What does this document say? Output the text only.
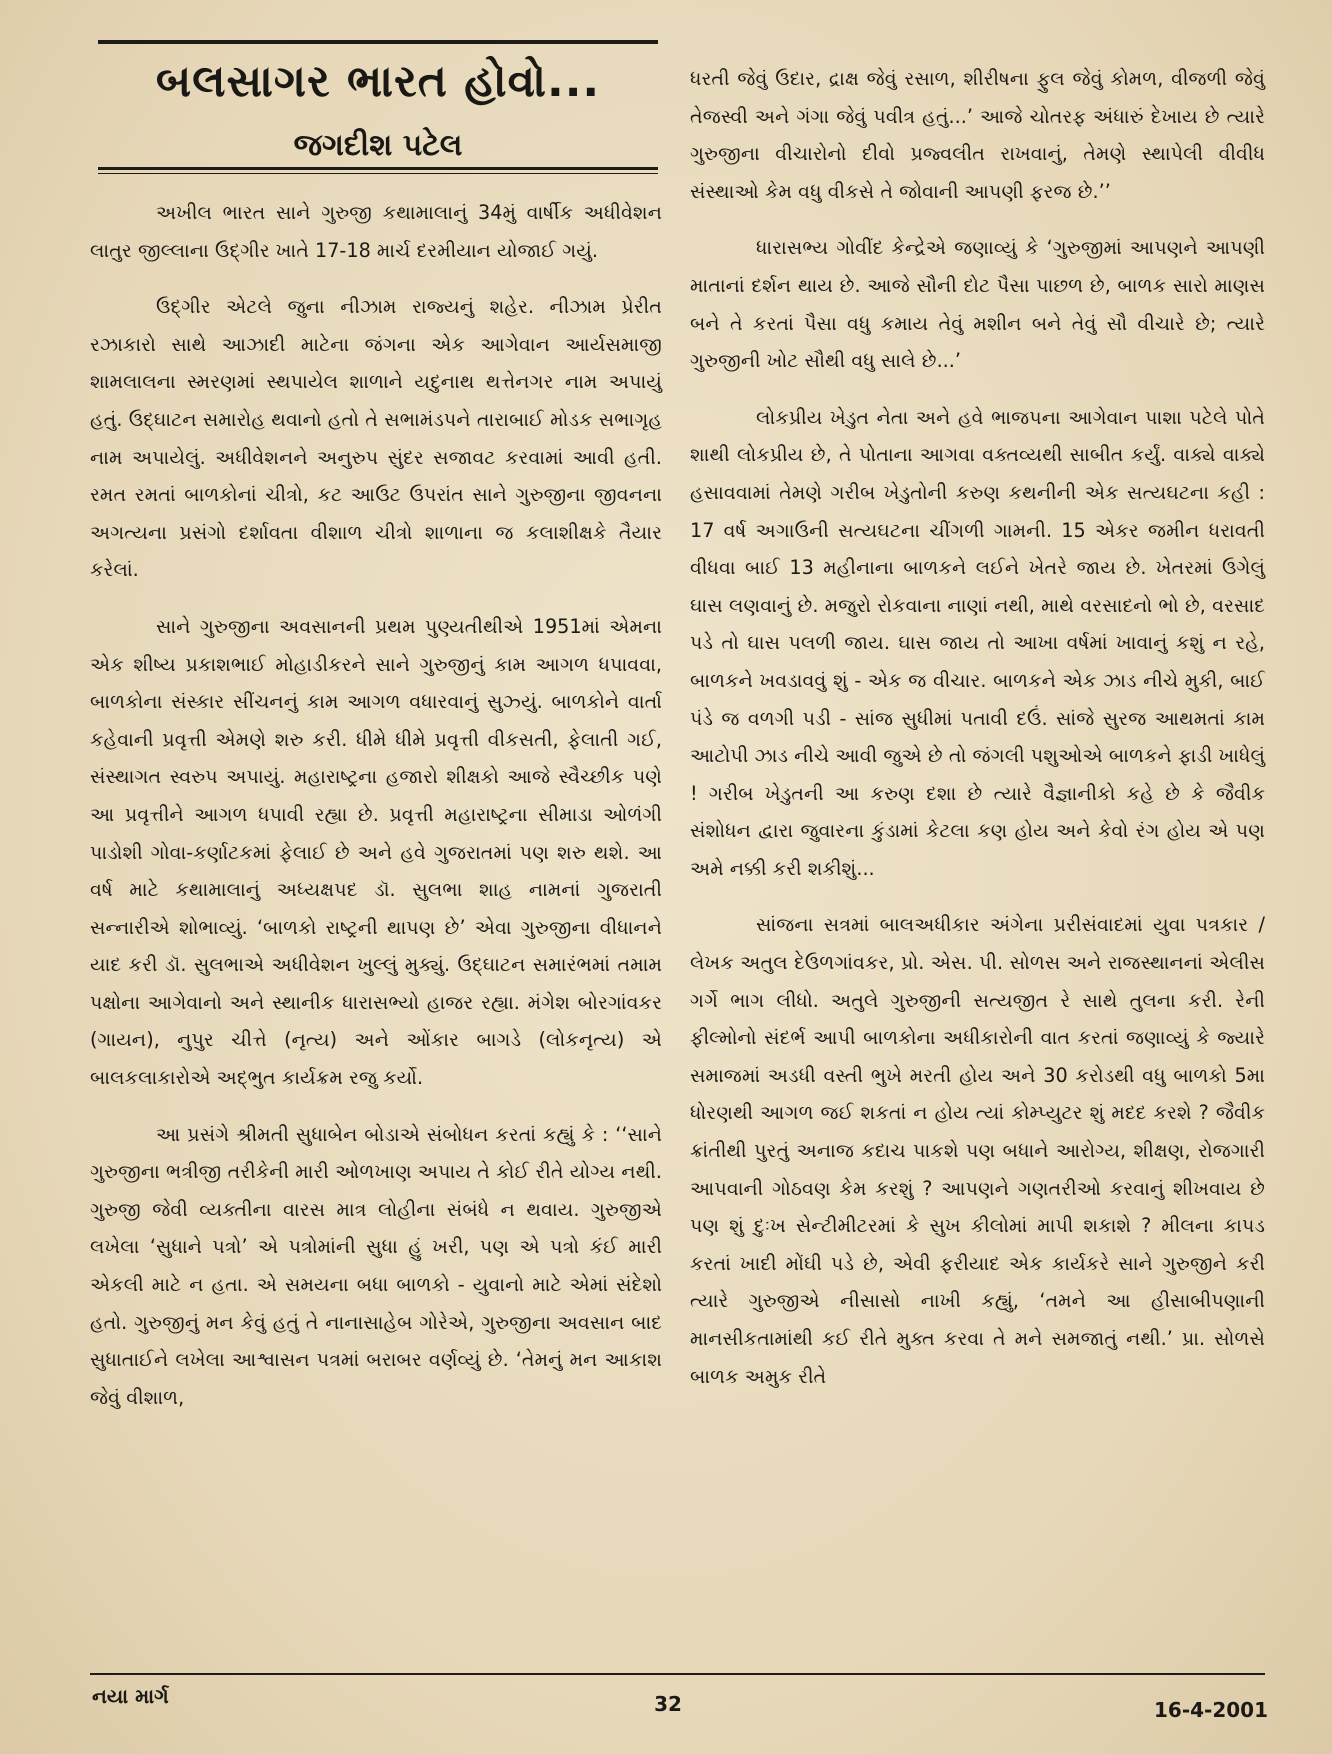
બલસાગર ભારત હોવો...
જગદીશ પટેલ

અખીલ ભારત સાને ગુરુજી કથામાલાનું 34મું વાર્ષીક અધીવેશન લાતુર જીલ્લાના ઉદ્ગીર ખાતે 17-18 માર્ચ દરમીયાન યોજાઈ ગયું.

ઉદ્ગીર એટલે જુના નીઝામ રાજ્યનું શહેર. નીઝામ પ્રેરીત રઝાકારો સાથે આઝાદી માટેના જંગના એક આગેવાન આર્યસમાજી શામલાલના સ્મરણમાં સ્થપાયેલ શાળાને યદુનાથ થત્તેનગર નામ અપાયું હતું. ઉદ્ઘાટન સમારોહ થવાનો હતો તે સભામંડપને તારાબાઈ મોડક સભાગૃહ નામ અપાયેલું. અધીવેશનને અનુરુપ સુંદર સજાવટ કરવામાં આવી હતી. રમત રમતાં બાળકોનાં ચીત્રો, કટ આઉટ ઉપરાંત સાને ગુરુજીના જીવનના અગત્યના પ્રસંગો દર્શાવતા વીશાળ ચીત્રો શાળાના જ કલાશીક્ષકે તૈયાર કરેલાં.

સાને ગુરુજીના અવસાનની પ્રથમ પુણ્યતીથીએ 1951માં એમના એક શીષ્ય પ્રકાશભાઈ મોહાડીકરને સાને ગુરુજીનું કામ આગળ ધપાવવા, બાળકોના સંસ્કાર સીંચનનું કામ આગળ વધારવાનું સુઝ્યું. બાળકોને વાર્તા કહેવાની પ્રવૃત્તી એમણે શરુ કરી. ધીમે ધીમે પ્રવૃત્તી વીકસતી, ફેલાતી ગઈ, સંસ્થાગત સ્વરુપ અપાયું. મહારાષ્ટ્રના હજારો શીક્ષકો આજે સ્વૈચ્છીક પણે આ પ્રવૃત્તીને આગળ ધપાવી રહ્યા છે. પ્રવૃત્તી મહારાષ્ટ્રના સીમાડા ઓળંગી પાડોશી ગોવા-કર્ણાટકમાં ફેલાઈ છે અને હવે ગુજરાતમાં પણ શરુ થશે. આ વર્ષ માટે કથામાલાનું અધ્યક્ષપદ ડૉ. સુલભા શાહ નામનાં ગુજરાતી સન્નારીએ શોભાવ્યું. ‘બાળકો રાષ્ટ્રની થાપણ છે’ એવા ગુરુજીના વીધાનને યાદ કરી ડૉ. સુલભાએ અધીવેશન ખુલ્લું મુક્યું. ઉદ્ઘાટન સમારંભમાં તમામ પક્ષોના આગેવાનો અને સ્થાનીક ધારાસભ્યો હાજર રહ્યા. મંગેશ બોરગાંવકર (ગાયન), નુપુર ચીત્તે (નૃત્ય) અને ઓંકાર બાગડે (લોકનૃત્ય) એ બાલકલાકારોએ અદ્ભુત કાર્યક્રમ રજુ કર્યો.

આ પ્રસંગે શ્રીમતી સુધાબેન બોડાએ સંબોધન કરતાં કહ્યું કે : ‘‘સાને ગુરુજીના ભત્રીજી તરીકેની મારી ઓળખાણ અપાય તે કોઈ રીતે યોગ્ય નથી. ગુરુજી જેવી વ્યક્તીના વારસ માત્ર લોહીના સંબંધે ન થવાય. ગુરુજીએ લખેલા ‘સુધાને પત્રો’ એ પત્રોમાંની સુધા હું ખરી, પણ એ પત્રો કંઈ મારી એકલી માટે ન હતા. એ સમયના બધા બાળકો - યુવાનો માટે એમાં સંદેશો હતો. ગુરુજીનું મન કેવું હતું તે નાનાસાહેબ ગોરેએ, ગુરુજીના અવસાન બાદ સુધાતાઈને લખેલા આશ્વાસન પત્રમાં બરાબર વર્ણવ્યું છે. ‘તેમનું મન આકાશ જેવું વીશાળ,

ધરતી જેવું ઉદાર, દ્રાક્ષ જેવું રસાળ, શીરીષના ફુલ જેવું કોમળ, વીજળી જેવું તેજસ્વી અને ગંગા જેવું પવીત્ર હતું...’ આજે ચોતરફ અંધારું દેખાય છે ત્યારે ગુરુજીના વીચારોનો દીવો પ્રજ્વલીત રાખવાનું, તેમણે સ્થાપેલી વીવીધ સંસ્થાઓ કેમ વધુ વીકસે તે જોવાની આપણી ફરજ છે.’’

ધારાસભ્ય ગોવીંદ કેન્દ્રેએ જણાવ્યું કે ‘ગુરુજીમાં આપણને આપણી માતાનાં દર્શન થાય છે. આજે સૌની દોટ પૈસા પાછળ છે, બાળક સારો માણસ બને તે કરતાં પૈસા વધુ કમાય તેવું મશીન બને તેવું સૌ વીચારે છે; ત્યારે ગુરુજીની ખોટ સૌથી વધુ સાલે છે...’

લોકપ્રીય ખેડુત નેતા અને હવે ભાજપના આગેવાન પાશા પટેલે પોતે શાથી લોકપ્રીય છે, તે પોતાના આગવા વક્તવ્યથી સાબીત કર્યું. વાક્યે વાક્યે હસાવવામાં તેમણે ગરીબ ખેડુતોની કરુણ કથનીની એક સત્યઘટના કહી : 17 વર્ષ અગાઉની સત્યઘટના ચીંગળી ગામની. 15 એકર જમીન ધરાવતી વીધવા બાઈ 13 મહીનાના બાળકને લઈને ખેતરે જાય છે. ખેતરમાં ઉગેલું ઘાસ લણવાનું છે. મજુરો રોકવાના નાણાં નથી, માથે વરસાદનો ભો છે, વરસાદ પડે તો ઘાસ પલળી જાય. ઘાસ જાય તો આખા વર્ષમાં ખાવાનું કશું ન રહે, બાળકને ખવડાવવું શું - એક જ વીચાર. બાળકને એક ઝાડ નીચે મુકી, બાઈ પંડે જ વળગી પડી - સાંજ સુધીમાં પતાવી દઉં. સાંજે સુરજ આથમતાં કામ આટોપી ઝાડ નીચે આવી જુએ છે તો જંગલી પશુઓએ બાળકને ફાડી ખાધેલું ! ગરીબ ખેડુતની આ કરુણ દશા છે ત્યારે વૈજ્ઞાનીકો કહે છે કે જૈવીક સંશોધન દ્વારા જુવારના કુંડામાં કેટલા કણ હોય અને કેવો રંગ હોય એ પણ અમે નક્કી કરી શકીશું...

સાંજના સત્રમાં બાલઅધીકાર અંગેના પ્રરીસંવાદમાં યુવા પત્રકાર / લેખક અતુલ દેઉળગાંવકર, પ્રો. એસ. પી. સોળસ અને રાજસ્થાનનાં એલીસ ગર્ગે ભાગ લીધો. અતુલે ગુરુજીની સત્યજીત રે સાથે તુલના કરી. રેની ફીલ્મોનો સંદર્ભ આપી બાળકોના અધીકારોની વાત કરતાં જણાવ્યું કે જ્યારે સમાજમાં અડધી વસ્તી ભુખે મરતી હોય અને 30 કરોડથી વધુ બાળકો 5મા ધોરણથી આગળ જઈ શકતાં ન હોય ત્યાં કોમ્પ્યુટર શું મદદ કરશે ? જૈવીક ક્રાંતીથી પુરતું અનાજ કદાચ પાકશે પણ બધાને આરોગ્ય, શીક્ષણ, રોજગારી આપવાની ગોઠવણ કેમ કરશું ? આપણને ગણતરીઓ કરવાનું શીખવાય છે પણ શું દુઃખ સેન્ટીમીટરમાં કે સુખ કીલોમાં માપી શકાશે ? મીલના કાપડ કરતાં ખાદી મોંઘી પડે છે, એવી ફરીયાદ એક કાર્યકરે સાને ગુરુજીને કરી ત્યારે ગુરુજીએ નીસાસો નાખી કહ્યું, ‘તમને આ હીસાબીપણાની માનસીકતામાંથી કઈ રીતે મુક્ત કરવા તે મને સમજાતું નથી.’ પ્રા. સોળસે બાળક અમુક રીતે

નયા માર્ગ	32	16-4-2001
